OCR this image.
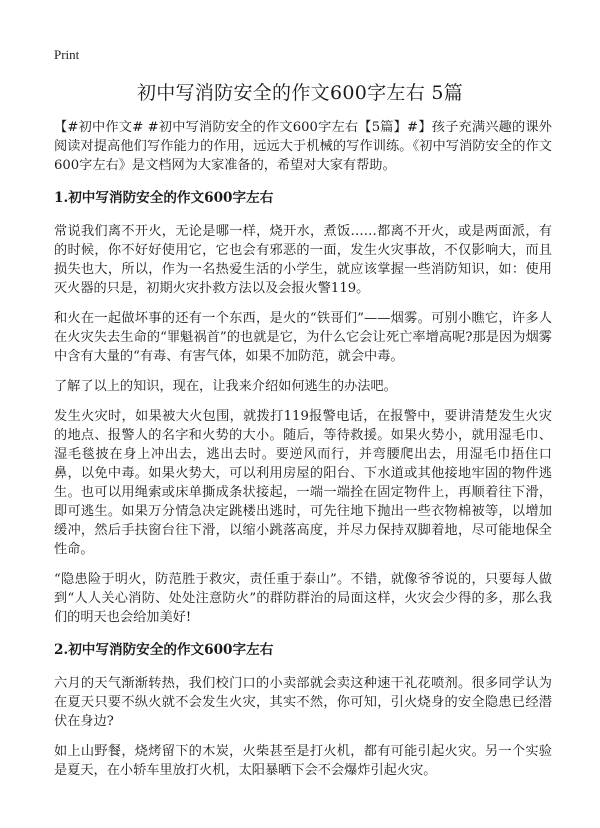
Print
初中写消防安全的作文600字左右 5篇

【#初中作文# #初中写消防安全的作文600字左右【5篇】#】孩子充满兴趣的课外阅读对提高他们写作能力的作用，远远大于机械的写作训练。《初中写消防安全的作文600字左右》是文档网为大家准备的，希望对大家有帮助。

1.初中写消防安全的作文600字左右

常说我们离不开火，无论是哪一样，烧开水，煮饭……都离不开火，或是两面派，有的时候，你不好好使用它，它也会有邪恶的一面，发生火灾事故，不仅影响大，而且损失也大，所以，作为一名热爱生活的小学生，就应该掌握一些消防知识，如：使用灭火器的只是，初期火灾扑救方法以及会报火警119。

和火在一起做坏事的还有一个东西，是火的“铁哥们”——烟雾。可别小瞧它，许多人在火灾失去生命的“罪魁祸首”的也就是它，为什么它会让死亡率增高呢?那是因为烟雾中含有大量的“有毒、有害气体，如果不加防范，就会中毒。

了解了以上的知识，现在，让我来介绍如何逃生的办法吧。

发生火灾时，如果被大火包围，就拨打119报警电话，在报警中，要讲清楚发生火灾的地点、报警人的名字和火势的大小。随后，等待救援。如果火势小，就用湿毛巾、湿毛毯披在身上冲出去，逃出去时。要逆风而行，并弯腰爬出去，用湿毛巾捂住口鼻，以免中毒。如果火势大，可以利用房屋的阳台、下水道或其他接地牢固的物件逃生。也可以用绳索或床单撕成条状接起，一端一端拴在固定物件上，再顺着往下滑，即可逃生。如果万分情急决定跳楼出逃时，可先往地下抛出一些衣物棉被等，以增加缓冲，然后手扶窗台往下滑，以缩小跳落高度，并尽力保持双脚着地，尽可能地保全性命。

“隐患险于明火，防范胜于救灾，责任重于泰山”。不错，就像爷爷说的，只要每人做到“人人关心消防、处处注意防火”的群防群治的局面这样，火灾会少得的多，那么我们的明天也会给加美好!

2.初中写消防安全的作文600字左右

六月的天气渐渐转热，我们校门口的小卖部就会卖这种速干礼花喷剂。很多同学认为在夏天只要不纵火就不会发生火灾，其实不然，你可知，引火烧身的安全隐患已经潜伏在身边?

如上山野餐，烧烤留下的木炭，火柴甚至是打火机，都有可能引起火灾。另一个实验是夏天，在小轿车里放打火机，太阳暴晒下会不会爆炸引起火灾。
